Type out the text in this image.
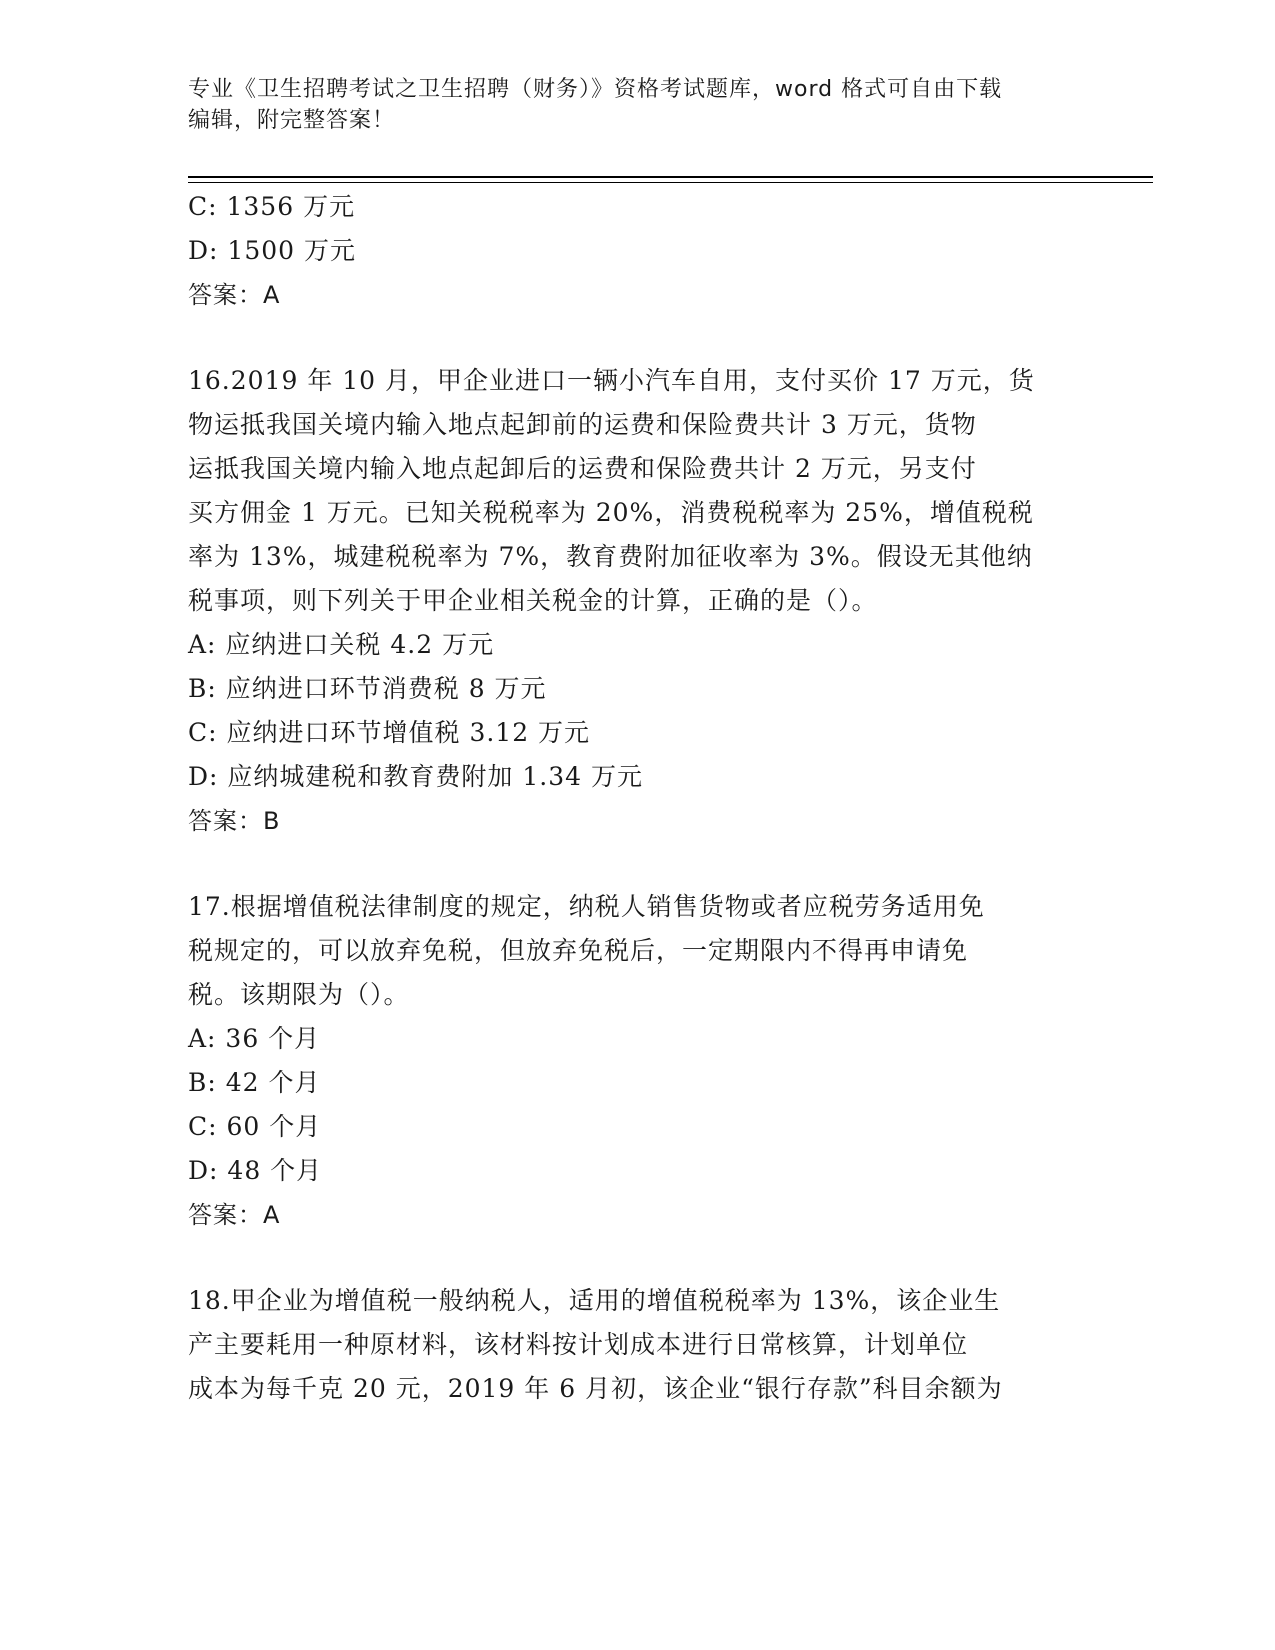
专业《卫生招聘考试之卫生招聘（财务）》资格考试题库，word 格式可自由下载
编辑，附完整答案！
C: 1356 万元
D: 1500 万元
答案：A
16.2019 年 10 月，甲企业进口一辆小汽车自用，支付买价 17 万元，货
物运抵我国关境内输入地点起卸前的运费和保险费共计 3 万元，货物
运抵我国关境内输入地点起卸后的运费和保险费共计 2 万元，另支付
买方佣金 1 万元。已知关税税率为 20%，消费税税率为 25%，增值税税
率为 13%，城建税税率为 7%，教育费附加征收率为 3%。假设无其他纳
税事项，则下列关于甲企业相关税金的计算，正确的是（）。
A: 应纳进口关税 4.2 万元
B: 应纳进口环节消费税 8 万元
C: 应纳进口环节增值税 3.12 万元
D: 应纳城建税和教育费附加 1.34 万元
答案：B
17.根据增值税法律制度的规定，纳税人销售货物或者应税劳务适用免
税规定的，可以放弃免税，但放弃免税后，一定期限内不得再申请免
税。该期限为（）。
A: 36 个月
B: 42 个月
C: 60 个月
D: 48 个月
答案：A
18.甲企业为增值税一般纳税人，适用的增值税税率为 13%，该企业生
产主要耗用一种原材料，该材料按计划成本进行日常核算，计划单位
成本为每千克 20 元，2019 年 6 月初，该企业“银行存款”科目余额为
